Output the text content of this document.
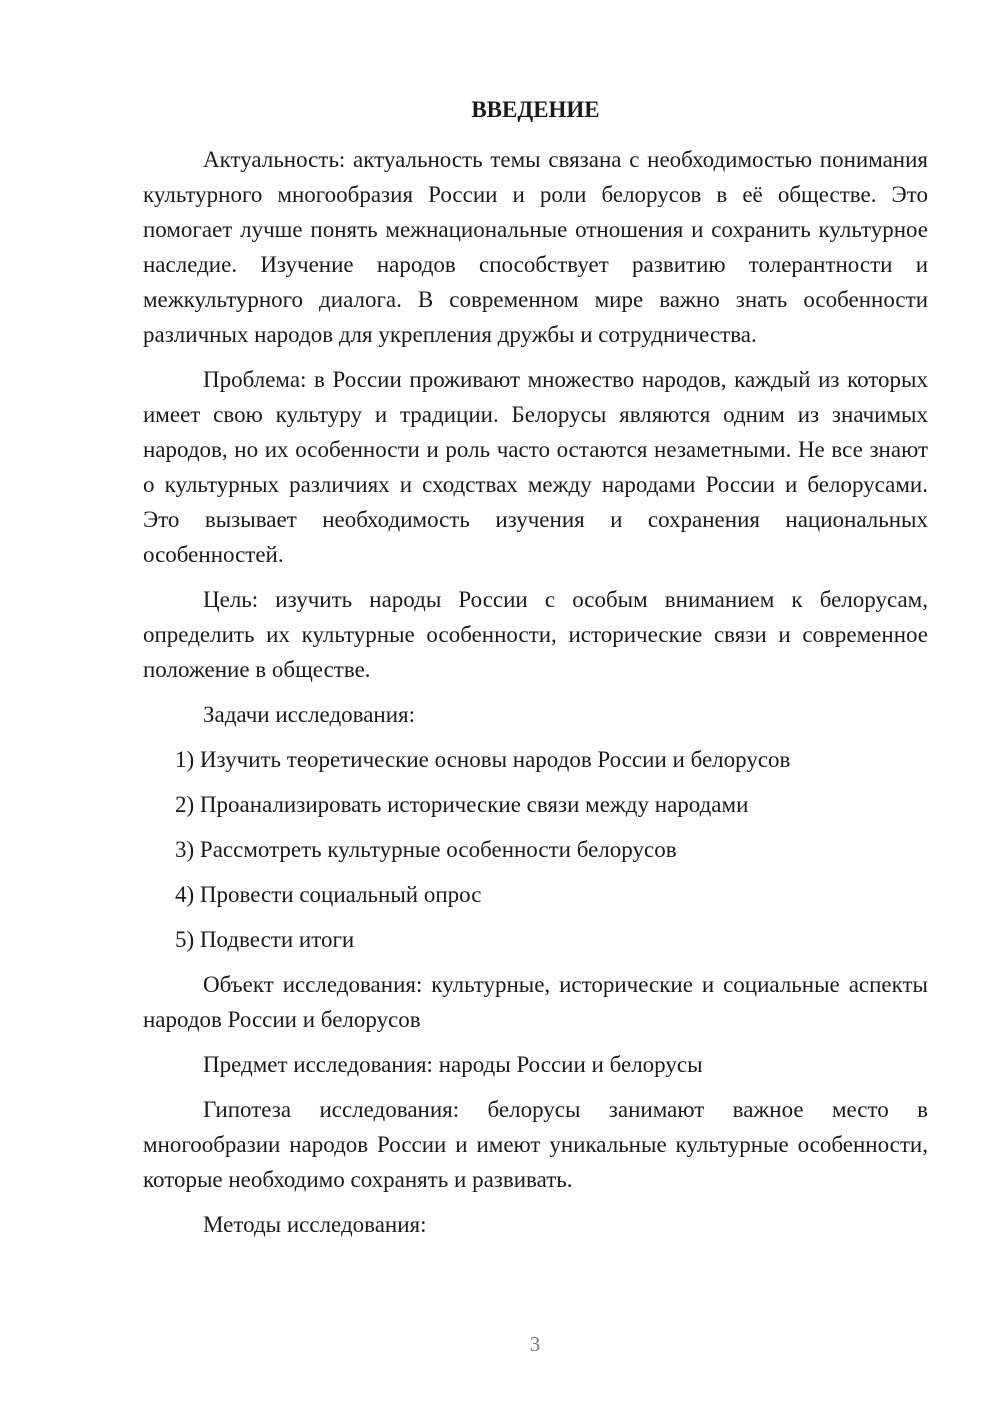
ВВЕДЕНИЕ

Актуальность: актуальность темы связана с необходимостью понимания культурного многообразия России и роли белорусов в её обществе. Это помогает лучше понять межнациональные отношения и сохранить культурное наследие. Изучение народов способствует развитию толерантности и межкультурного диалога. В современном мире важно знать особенности различных народов для укрепления дружбы и сотрудничества.

Проблема: в России проживают множество народов, каждый из которых имеет свою культуру и традиции. Белорусы являются одним из значимых народов, но их особенности и роль часто остаются незаметными. Не все знают о культурных различиях и сходствах между народами России и белорусами. Это вызывает необходимость изучения и сохранения национальных особенностей.

Цель: изучить народы России с особым вниманием к белорусам, определить их культурные особенности, исторические связи и современное положение в обществе.

Задачи исследования:

1) Изучить теоретические основы народов России и белорусов
2) Проанализировать исторические связи между народами
3) Рассмотреть культурные особенности белорусов
4) Провести социальный опрос
5) Подвести итоги

Объект исследования: культурные, исторические и социальные аспекты народов России и белорусов

Предмет исследования: народы России и белорусы

Гипотеза исследования: белорусы занимают важное место в многообразии народов России и имеют уникальные культурные особенности, которые необходимо сохранять и развивать.

Методы исследования:

3
